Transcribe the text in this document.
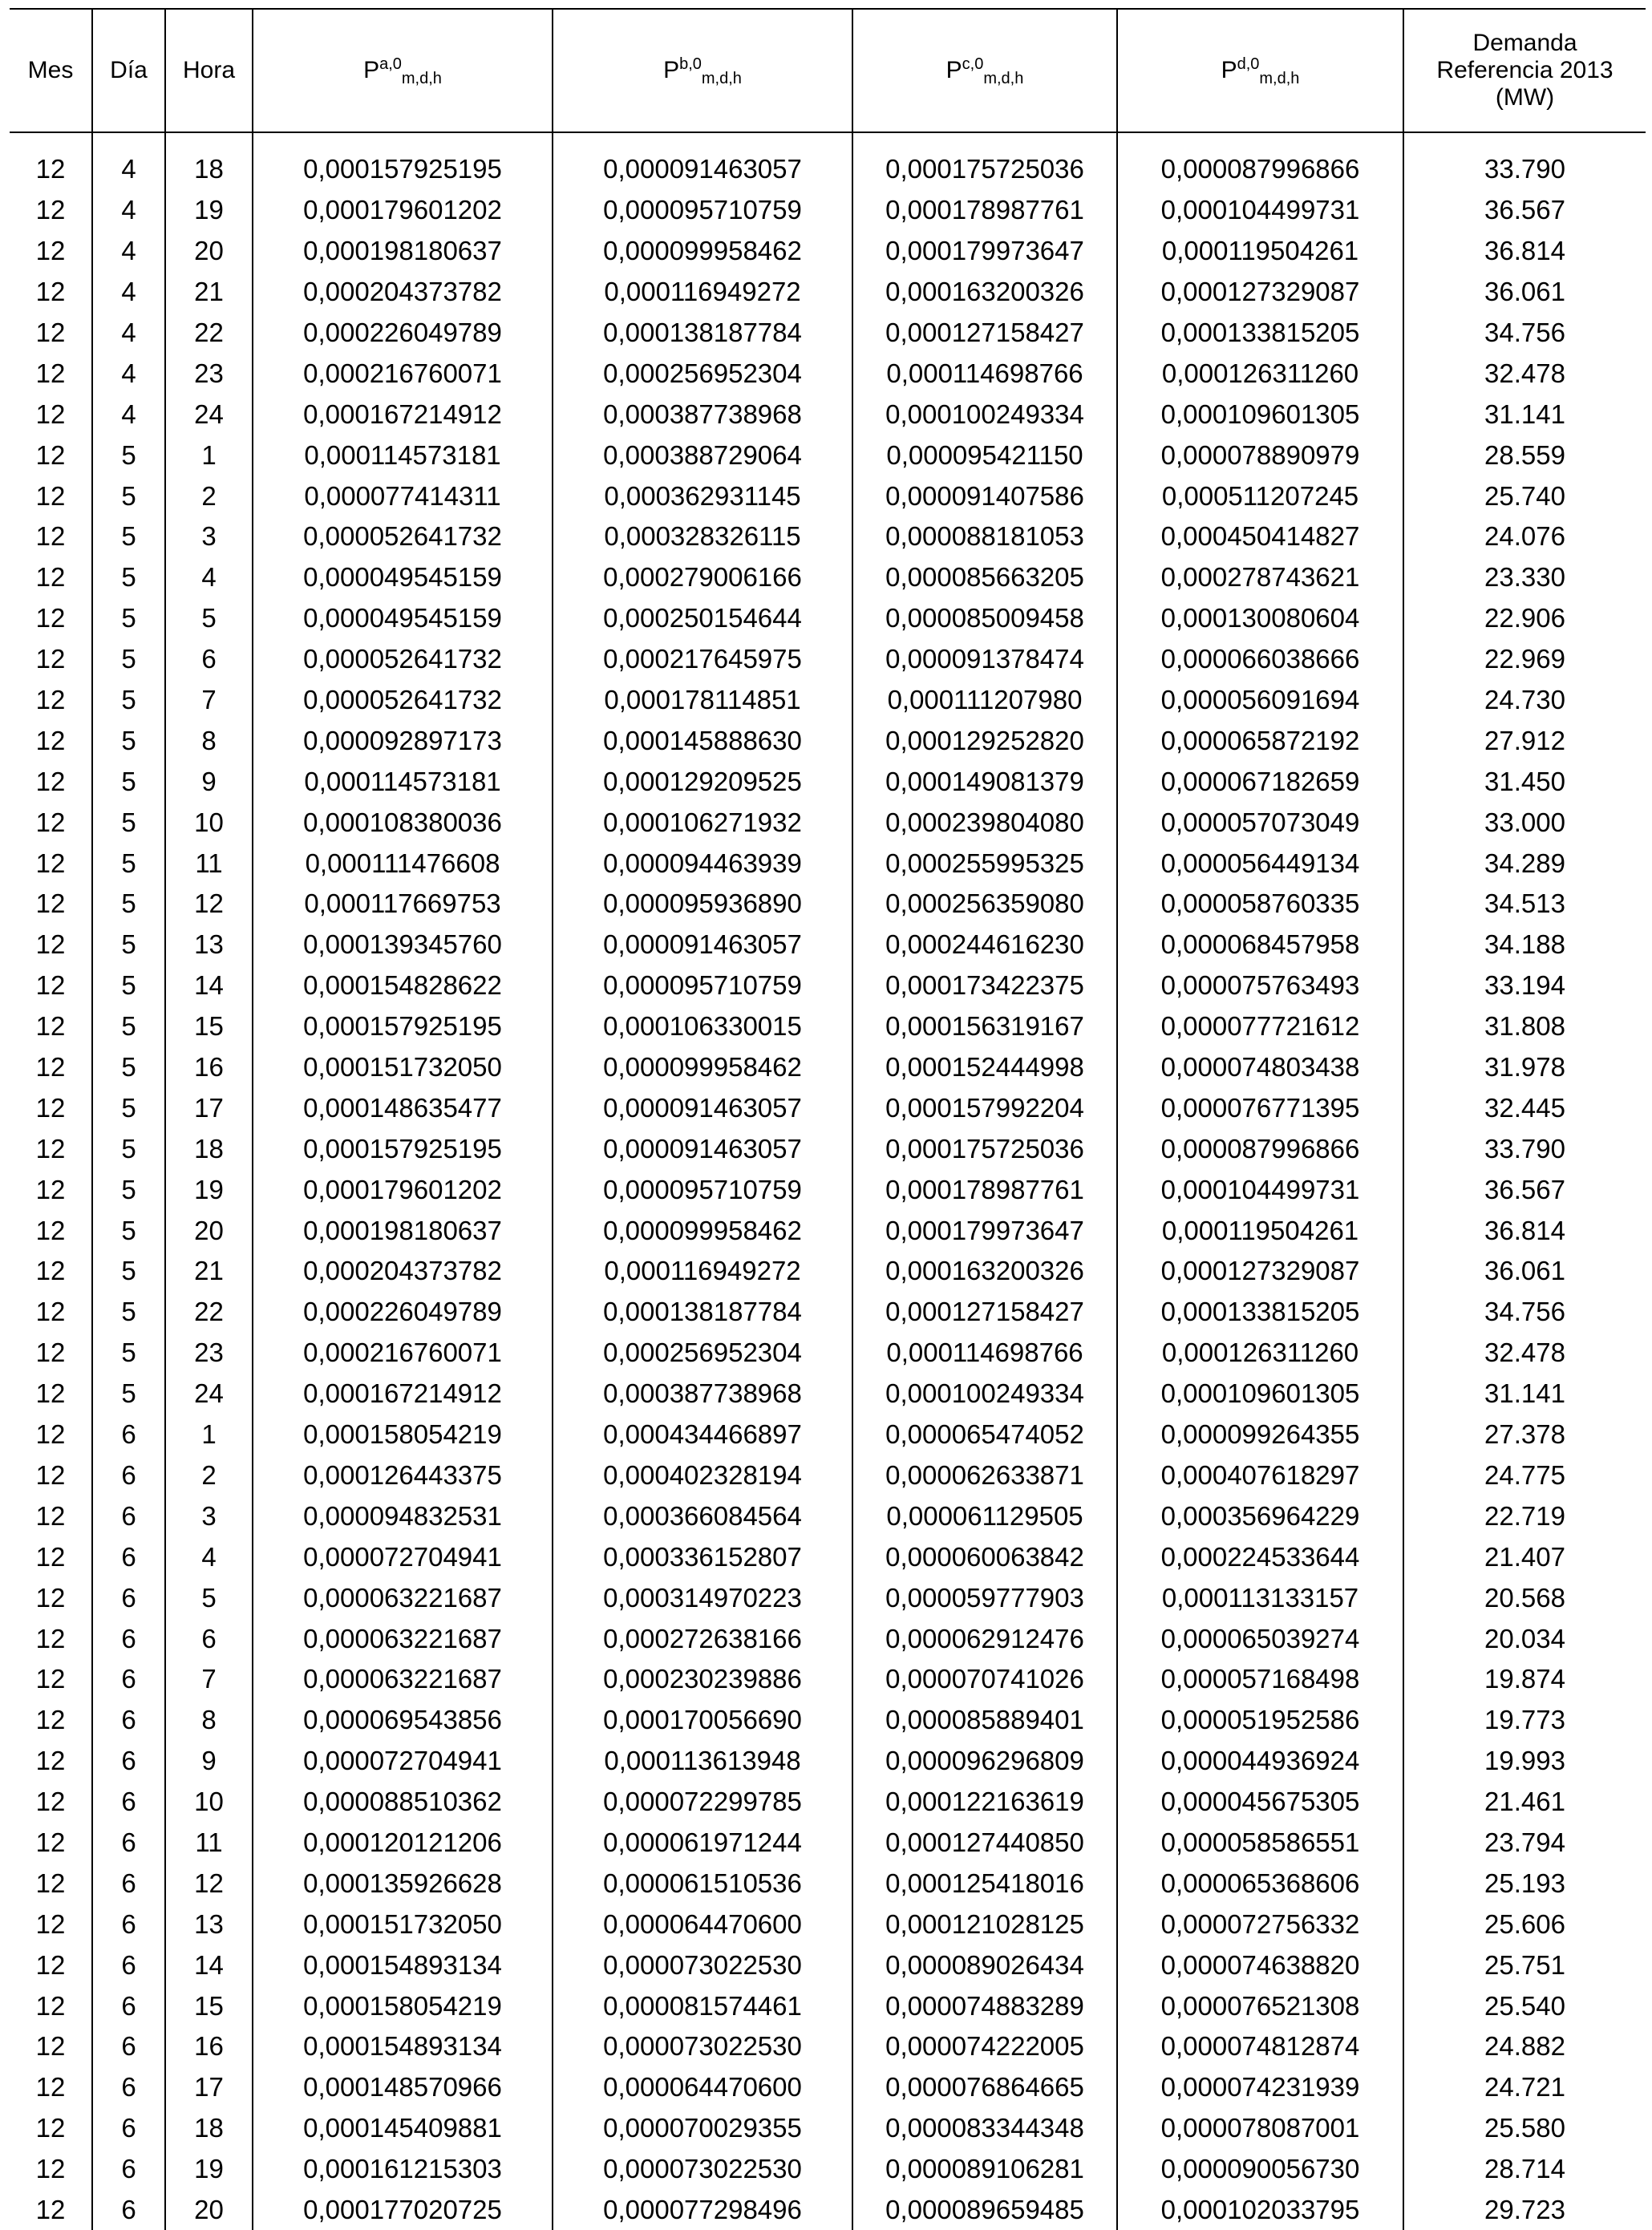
Mes	Día	Hora	P$^{a,0}_{m,d,h}$	P$^{b,0}_{m,d,h}$	P$^{c,0}_{m,d,h}$	P$^{d,0}_{m,d,h}$	Demanda
Referencia 2013
(MW)

12	4	18	0,000157925195	0,000091463057	0,000175725036	0,000087996866	33.790
12	4	19	0,000179601202	0,000095710759	0,000178987761	0,000104499731	36.567
12	4	20	0,000198180637	0,000099958462	0,000179973647	0,000119504261	36.814
12	4	21	0,000204373782	0,000116949272	0,000163200326	0,000127329087	36.061
12	4	22	0,000226049789	0,000138187784	0,000127158427	0,000133815205	34.756
12	4	23	0,000216760071	0,000256952304	0,000114698766	0,000126311260	32.478
12	4	24	0,000167214912	0,000387738968	0,000100249334	0,000109601305	31.141
12	5	1	0,000114573181	0,000388729064	0,000095421150	0,000078890979	28.559
12	5	2	0,000077414311	0,000362931145	0,000091407586	0,000511207245	25.740
12	5	3	0,000052641732	0,000328326115	0,000088181053	0,000450414827	24.076
12	5	4	0,000049545159	0,000279006166	0,000085663205	0,000278743621	23.330
12	5	5	0,000049545159	0,000250154644	0,000085009458	0,000130080604	22.906
12	5	6	0,000052641732	0,000217645975	0,000091378474	0,000066038666	22.969
12	5	7	0,000052641732	0,000178114851	0,000111207980	0,000056091694	24.730
12	5	8	0,000092897173	0,000145888630	0,000129252820	0,000065872192	27.912
12	5	9	0,000114573181	0,000129209525	0,000149081379	0,000067182659	31.450
12	5	10	0,000108380036	0,000106271932	0,000239804080	0,000057073049	33.000
12	5	11	0,000111476608	0,000094463939	0,000255995325	0,000056449134	34.289
12	5	12	0,000117669753	0,000095936890	0,000256359080	0,000058760335	34.513
12	5	13	0,000139345760	0,000091463057	0,000244616230	0,000068457958	34.188
12	5	14	0,000154828622	0,000095710759	0,000173422375	0,000075763493	33.194
12	5	15	0,000157925195	0,000106330015	0,000156319167	0,000077721612	31.808
12	5	16	0,000151732050	0,000099958462	0,000152444998	0,000074803438	31.978
12	5	17	0,000148635477	0,000091463057	0,000157992204	0,000076771395	32.445
12	5	18	0,000157925195	0,000091463057	0,000175725036	0,000087996866	33.790
12	5	19	0,000179601202	0,000095710759	0,000178987761	0,000104499731	36.567
12	5	20	0,000198180637	0,000099958462	0,000179973647	0,000119504261	36.814
12	5	21	0,000204373782	0,000116949272	0,000163200326	0,000127329087	36.061
12	5	22	0,000226049789	0,000138187784	0,000127158427	0,000133815205	34.756
12	5	23	0,000216760071	0,000256952304	0,000114698766	0,000126311260	32.478
12	5	24	0,000167214912	0,000387738968	0,000100249334	0,000109601305	31.141
12	6	1	0,000158054219	0,000434466897	0,000065474052	0,000099264355	27.378
12	6	2	0,000126443375	0,000402328194	0,000062633871	0,000407618297	24.775
12	6	3	0,000094832531	0,000366084564	0,000061129505	0,000356964229	22.719
12	6	4	0,000072704941	0,000336152807	0,000060063842	0,000224533644	21.407
12	6	5	0,000063221687	0,000314970223	0,000059777903	0,000113133157	20.568
12	6	6	0,000063221687	0,000272638166	0,000062912476	0,000065039274	20.034
12	6	7	0,000063221687	0,000230239886	0,000070741026	0,000057168498	19.874
12	6	8	0,000069543856	0,000170056690	0,000085889401	0,000051952586	19.773
12	6	9	0,000072704941	0,000113613948	0,000096296809	0,000044936924	19.993
12	6	10	0,000088510362	0,000072299785	0,000122163619	0,000045675305	21.461
12	6	11	0,000120121206	0,000061971244	0,000127440850	0,000058586551	23.794
12	6	12	0,000135926628	0,000061510536	0,000125418016	0,000065368606	25.193
12	6	13	0,000151732050	0,000064470600	0,000121028125	0,000072756332	25.606
12	6	14	0,000154893134	0,000073022530	0,000089026434	0,000074638820	25.751
12	6	15	0,000158054219	0,000081574461	0,000074883289	0,000076521308	25.540
12	6	16	0,000154893134	0,000073022530	0,000074222005	0,000074812874	24.882
12	6	17	0,000148570966	0,000064470600	0,000076864665	0,000074231939	24.721
12	6	18	0,000145409881	0,000070029355	0,000083344348	0,000078087001	25.580
12	6	19	0,000161215303	0,000073022530	0,000089106281	0,000090056730	28.714
12	6	20	0,000177020725	0,000077298496	0,000089659485	0,000102033795	29.723
